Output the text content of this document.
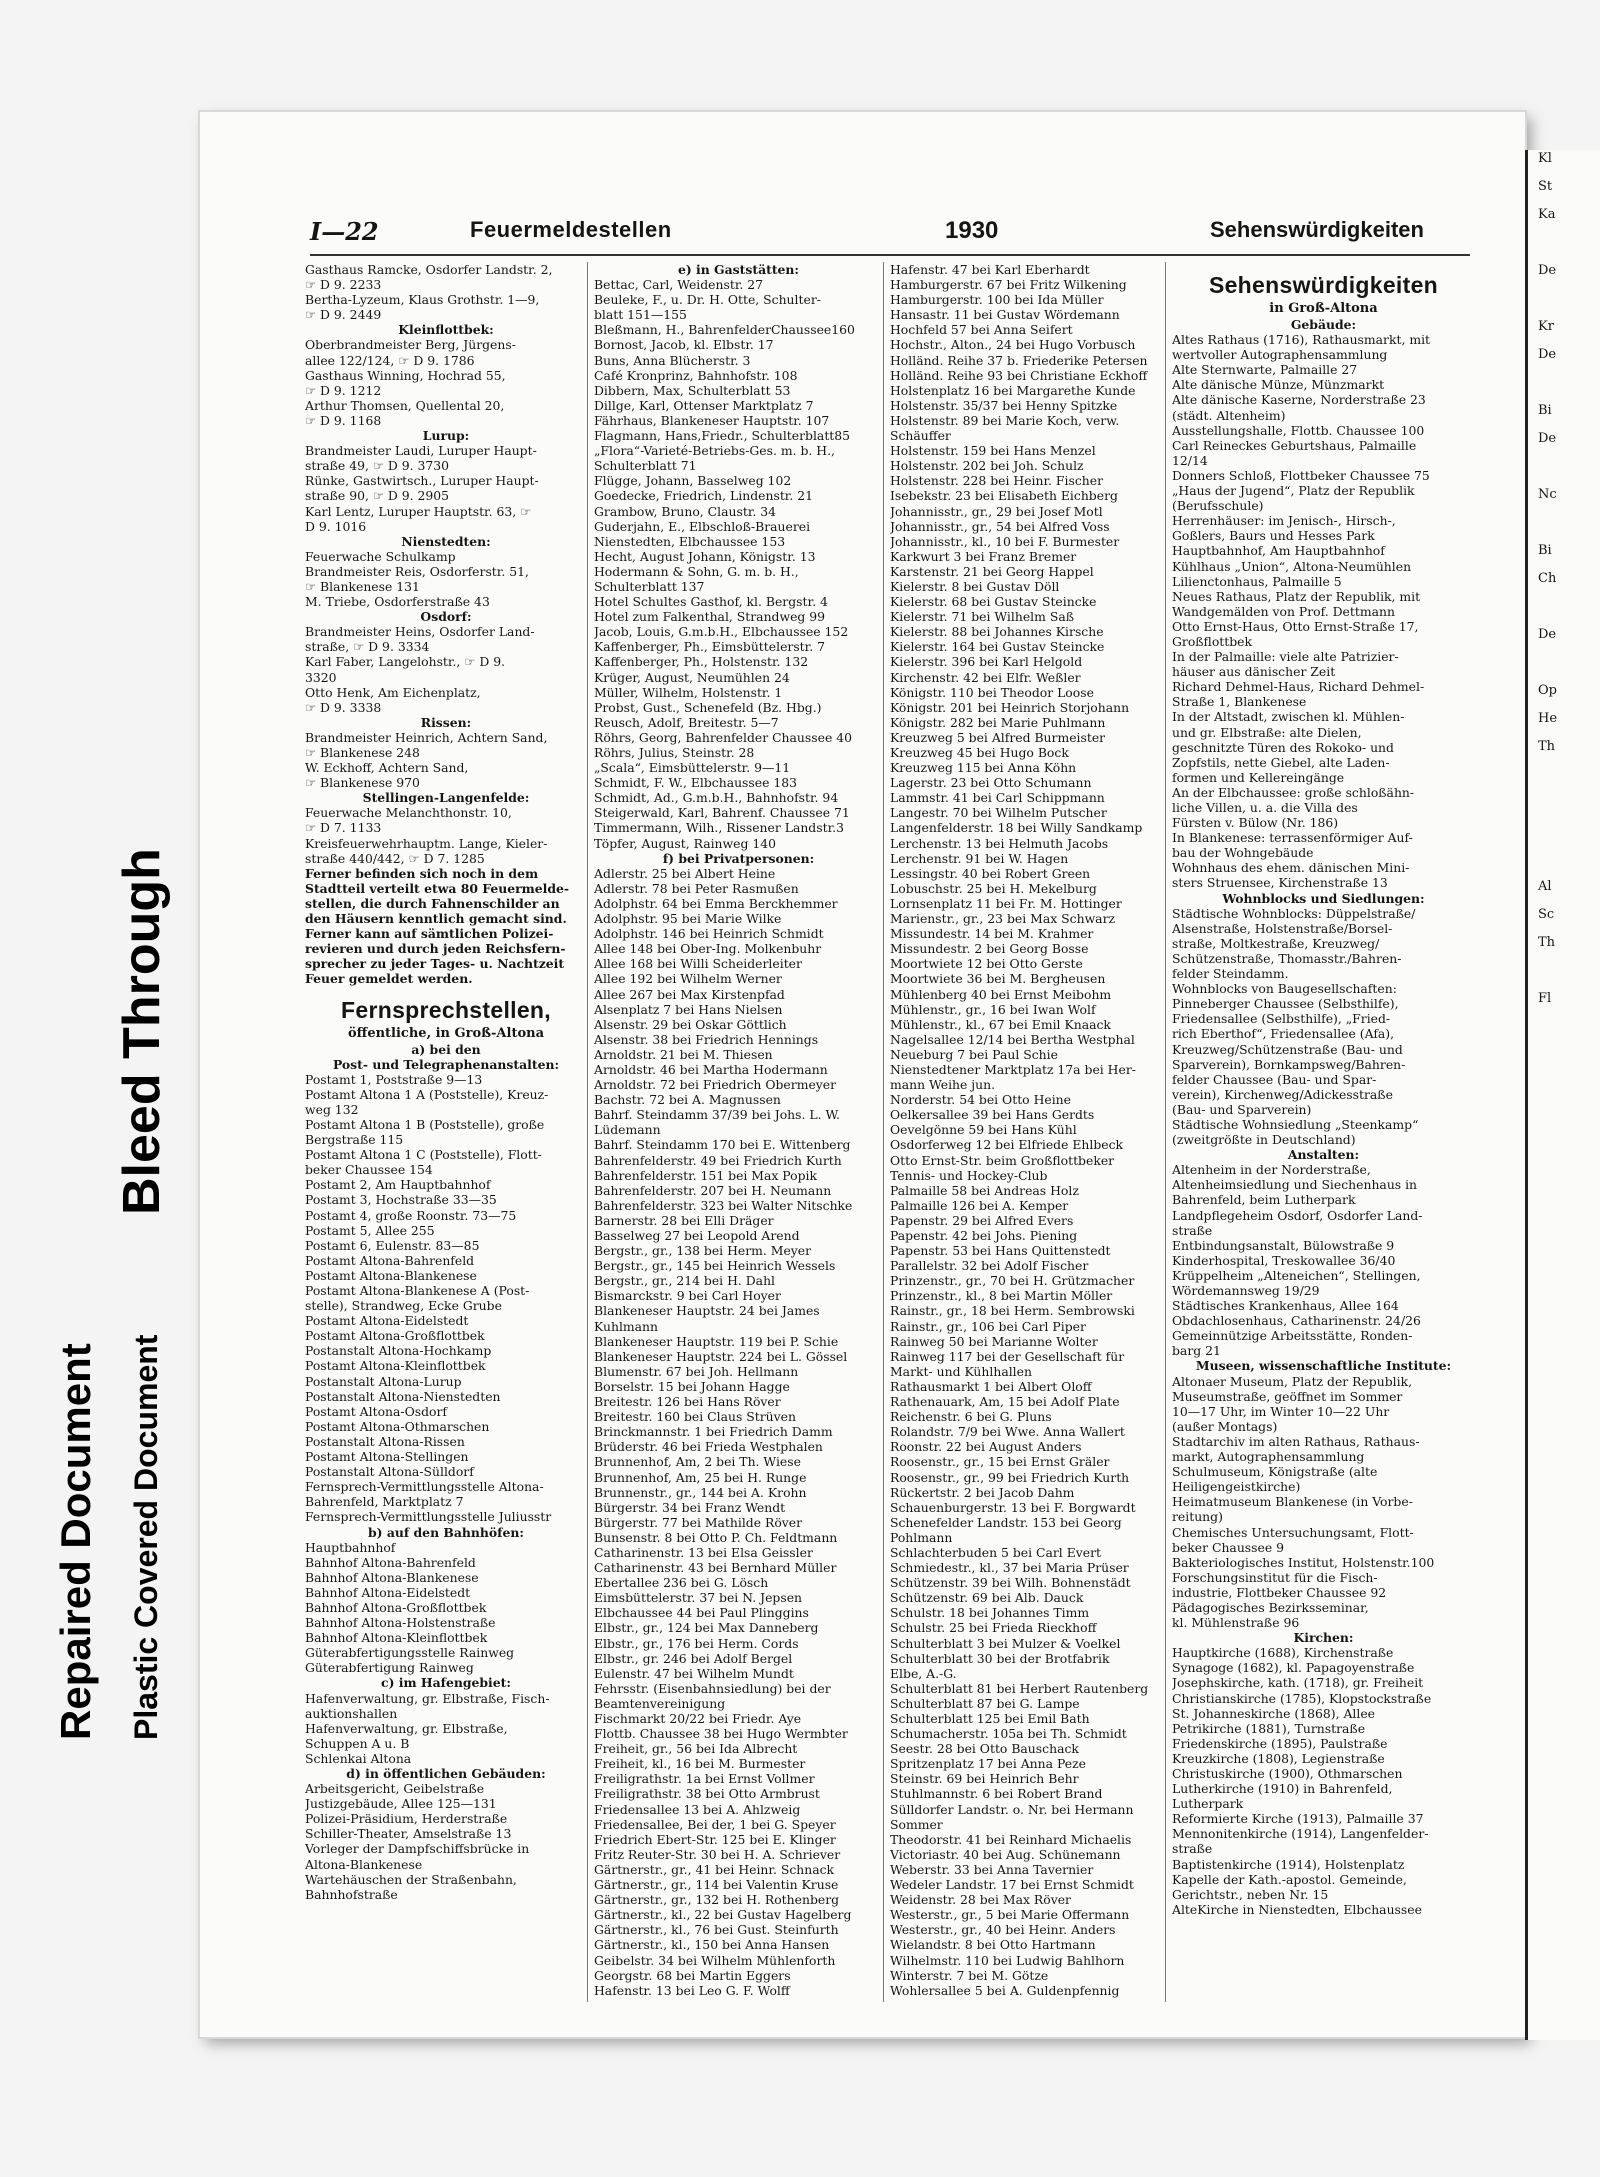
Repaired Document Plastic Covered Document
Bleed Through
I—22	Feuermeldestellen	1930	Sehenswürdigkeiten
Gasthaus Ramcke, Osdorfer Landstr. 2,
☞ D 9. 2233
Bertha-Lyzeum, Klaus Grothstr. 1—9,
☞ D 9. 2449
Kleinflottbek:
Oberbrandmeister Berg, Jürgens-
allee 122/124, ☞ D 9. 1786
Gasthaus Winning, Hochrad 55,
☞ D 9. 1212
Arthur Thomsen, Quellental 20,
☞ D 9. 1168
Lurup:
Brandmeister Laudi, Luruper Haupt-
straße 49, ☞ D 9. 3730
Rünke, Gastwirtsch., Luruper Haupt-
straße 90, ☞ D 9. 2905
Karl Lentz, Luruper Hauptstr. 63, ☞
D 9. 1016
Nienstedten:
Feuerwache Schulkamp
Brandmeister Reis, Osdorferstr. 51,
☞ Blankenese 131
M. Triebe, Osdorferstraße 43
Osdorf:
Brandmeister Heins, Osdorfer Land-
straße, ☞ D 9. 3334
Karl Faber, Langelohstr., ☞ D 9.
3320
Otto Henk, Am Eichenplatz,
☞ D 9. 3338
Rissen:
Brandmeister Heinrich, Achtern Sand,
☞ Blankenese 248
W. Eckhoff, Achtern Sand,
☞ Blankenese 970
Stellingen-Langenfelde:
Feuerwache Melanchthonstr. 10,
☞ D 7. 1133
Kreisfeuerwehrhauptm. Lange, Kieler-
straße 440/442, ☞ D 7. 1285
Ferner befinden sich noch in dem
Stadtteil verteilt etwa 80 Feuermelde-
stellen, die durch Fahnenschilder an
den Häusern kenntlich gemacht sind.
Ferner kann auf sämtlichen Polizei-
revieren und durch jeden Reichsfern-
sprecher zu jeder Tages- u. Nachtzeit
Feuer gemeldet werden.
Fernsprechstellen,
öffentliche, in Groß-Altona
a) bei den
Post- und Telegraphenanstalten:
Postamt 1, Poststraße 9—13
Postamt Altona 1 A (Poststelle), Kreuz-
weg 132
Postamt Altona 1 B (Poststelle), große
Bergstraße 115
Postamt Altona 1 C (Poststelle), Flott-
beker Chaussee 154
Postamt 2, Am Hauptbahnhof
Postamt 3, Hochstraße 33—35
Postamt 4, große Roonstr. 73—75
Postamt 5, Allee 255
Postamt 6, Eulenstr. 83—85
Postamt Altona-Bahrenfeld
Postamt Altona-Blankenese
Postamt Altona-Blankenese A (Post-
stelle), Strandweg, Ecke Grube
Postamt Altona-Eidelstedt
Postamt Altona-Großflottbek
Postanstalt Altona-Hochkamp
Postamt Altona-Kleinflottbek
Postanstalt Altona-Lurup
Postanstalt Altona-Nienstedten
Postamt Altona-Osdorf
Postamt Altona-Othmarschen
Postanstalt Altona-Rissen
Postamt Altona-Stellingen
Postanstalt Altona-Sülldorf
Fernsprech-Vermittlungsstelle Altona-
Bahrenfeld, Marktplatz 7
Fernsprech-Vermittlungsstelle Juliusstr
b) auf den Bahnhöfen:
Hauptbahnhof
Bahnhof Altona-Bahrenfeld
Bahnhof Altona-Blankenese
Bahnhof Altona-Eidelstedt
Bahnhof Altona-Großflottbek
Bahnhof Altona-Holstenstraße
Bahnhof Altona-Kleinflottbek
Güterabfertigungsstelle Rainweg
Güterabfertigung Rainweg
c) im Hafengebiet:
Hafenverwaltung, gr. Elbstraße, Fisch-
auktionshallen
Hafenverwaltung, gr. Elbstraße,
Schuppen A u. B
Schlenkai Altona
d) in öffentlichen Gebäuden:
Arbeitsgericht, Geibelstraße
Justizgebäude, Allee 125—131
Polizei-Präsidium, Herderstraße
Schiller-Theater, Amselstraße 13
Vorleger der Dampfschiffsbrücke in
Altona-Blankenese
Wartehäuschen der Straßenbahn,
Bahnhofstraße
e) in Gaststätten:
Bettac, Carl, Weidenstr. 27
Beuleke, F., u. Dr. H. Otte, Schulter-
blatt 151—155
Bleßmann, H., BahrenfelderChaussee160
Bornost, Jacob, kl. Elbstr. 17
Buns, Anna Blücherstr. 3
Café Kronprinz, Bahnhofstr. 108
Dibbern, Max, Schulterblatt 53
Dillge, Karl, Ottenser Marktplatz 7
Fährhaus, Blankeneser Hauptstr. 107
Flagmann, Hans,Friedr., Schulterblatt85
„Flora“-Varieté-Betriebs-Ges. m. b. H.,
Schulterblatt 71
Flügge, Johann, Basselweg 102
Goedecke, Friedrich, Lindenstr. 21
Grambow, Bruno, Claustr. 34
Guderjahn, E., Elbschloß-Brauerei
Nienstedten, Elbchaussee 153
Hecht, August Johann, Königstr. 13
Hodermann & Sohn, G. m. b. H.,
Schulterblatt 137
Hotel Schultes Gasthof, kl. Bergstr. 4
Hotel zum Falkenthal, Strandweg 99
Jacob, Louis, G.m.b.H., Elbchaussee 152
Kaffenberger, Ph., Eimsbüttelerstr. 7
Kaffenberger, Ph., Holstenstr. 132
Krüger, August, Neumühlen 24
Müller, Wilhelm, Holstenstr. 1
Probst, Gust., Schenefeld (Bz. Hbg.)
Reusch, Adolf, Breitestr. 5—7
Röhrs, Georg, Bahrenfelder Chaussee 40
Röhrs, Julius, Steinstr. 28
„Scala“, Eimsbüttelerstr. 9—11
Schmidt, F. W., Elbchaussee 183
Schmidt, Ad., G.m.b.H., Bahnhofstr. 94
Steigerwald, Karl, Bahrenf. Chaussee 71
Timmermann, Wilh., Rissener Landstr.3
Töpfer, August, Rainweg 140
f) bei Privatpersonen:
Adlerstr. 25 bei Albert Heine
Adlerstr. 78 bei Peter Rasmußen
Adolphstr. 64 bei Emma Berckhemmer
Adolphstr. 95 bei Marie Wilke
Adolphstr. 146 bei Heinrich Schmidt
Allee 148 bei Ober-Ing. Molkenbuhr
Allee 168 bei Willi Scheiderleiter
Allee 192 bei Wilhelm Werner
Allee 267 bei Max Kirstenpfad
Alsenplatz 7 bei Hans Nielsen
Alsenstr. 29 bei Oskar Göttlich
Alsenstr. 38 bei Friedrich Hennings
Arnoldstr. 21 bei M. Thiesen
Arnoldstr. 46 bei Martha Hodermann
Arnoldstr. 72 bei Friedrich Obermeyer
Bachstr. 72 bei A. Magnussen
Bahrf. Steindamm 37/39 bei Johs. L. W.
Lüdemann
Bahrf. Steindamm 170 bei E. Wittenberg
Bahrenfelderstr. 49 bei Friedrich Kurth
Bahrenfelderstr. 151 bei Max Popik
Bahrenfelderstr. 207 bei H. Neumann
Bahrenfelderstr. 323 bei Walter Nitschke
Barnerstr. 28 bei Elli Dräger
Basselweg 27 bei Leopold Arend
Bergstr., gr., 138 bei Herm. Meyer
Bergstr., gr., 145 bei Heinrich Wessels
Bergstr., gr., 214 bei H. Dahl
Bismarckstr. 9 bei Carl Hoyer
Blankeneser Hauptstr. 24 bei James
Kuhlmann
Blankeneser Hauptstr. 119 bei P. Schie
Blankeneser Hauptstr. 224 bei L. Gössel
Blumenstr. 67 bei Joh. Hellmann
Borselstr. 15 bei Johann Hagge
Breitestr. 126 bei Hans Röver
Breitestr. 160 bei Claus Strüven
Brinckmannstr. 1 bei Friedrich Damm
Brüderstr. 46 bei Frieda Westphalen
Brunnenhof, Am, 2 bei Th. Wiese
Brunnenhof, Am, 25 bei H. Runge
Brunnenstr., gr., 144 bei A. Krohn
Bürgerstr. 34 bei Franz Wendt
Bürgerstr. 77 bei Mathilde Röver
Bunsenstr. 8 bei Otto P. Ch. Feldtmann
Catharinenstr. 13 bei Elsa Geissler
Catharinenstr. 43 bei Bernhard Müller
Ebertallee 236 bei G. Lösch
Eimsbüttelerstr. 37 bei N. Jepsen
Elbchaussee 44 bei Paul Plinggins
Elbstr., gr., 124 bei Max Danneberg
Elbstr., gr., 176 bei Herm. Cords
Elbstr., gr. 246 bei Adolf Bergel
Eulenstr. 47 bei Wilhelm Mundt
Fehrsstr. (Eisenbahnsiedlung) bei der
Beamtenvereinigung
Fischmarkt 20/22 bei Friedr. Aye
Flottb. Chaussee 38 bei Hugo Wermbter
Freiheit, gr., 56 bei Ida Albrecht
Freiheit, kl., 16 bei M. Burmester
Freiligrathstr. 1a bei Ernst Vollmer
Freiligrathstr. 38 bei Otto Armbrust
Friedensallee 13 bei A. Ahlzweig
Friedensallee, Bei der, 1 bei G. Speyer
Friedrich Ebert-Str. 125 bei E. Klinger
Fritz Reuter-Str. 30 bei H. A. Schriever
Gärtnerstr., gr., 41 bei Heinr. Schnack
Gärtnerstr., gr., 114 bei Valentin Kruse
Gärtnerstr., gr., 132 bei H. Rothenberg
Gärtnerstr., kl., 22 bei Gustav Hagelberg
Gärtnerstr., kl., 76 bei Gust. Steinfurth
Gärtnerstr., kl., 150 bei Anna Hansen
Geibelstr. 34 bei Wilhelm Mühlenforth
Georgstr. 68 bei Martin Eggers
Hafenstr. 13 bei Leo G. F. Wolff
Hafenstr. 47 bei Karl Eberhardt
Hamburgerstr. 67 bei Fritz Wilkening
Hamburgerstr. 100 bei Ida Müller
Hansastr. 11 bei Gustav Wördemann
Hochfeld 57 bei Anna Seifert
Hochstr., Alton., 24 bei Hugo Vorbusch
Holländ. Reihe 37 b. Friederike Petersen
Holländ. Reihe 93 bei Christiane Eckhoff
Holstenplatz 16 bei Margarethe Kunde
Holstenstr. 35/37 bei Henny Spitzke
Holstenstr. 89 bei Marie Koch, verw.
Schäuffer
Holstenstr. 159 bei Hans Menzel
Holstenstr. 202 bei Joh. Schulz
Holstenstr. 228 bei Heinr. Fischer
Isebekstr. 23 bei Elisabeth Eichberg
Johannisstr., gr., 29 bei Josef Motl
Johannisstr., gr., 54 bei Alfred Voss
Johannisstr., kl., 10 bei F. Burmester
Karkwurt 3 bei Franz Bremer
Karstenstr. 21 bei Georg Happel
Kielerstr. 8 bei Gustav Döll
Kielerstr. 68 bei Gustav Steincke
Kielerstr. 71 bei Wilhelm Saß
Kielerstr. 88 bei Johannes Kirsche
Kielerstr. 164 bei Gustav Steincke
Kielerstr. 396 bei Karl Helgold
Kirchenstr. 42 bei Elfr. Weßler
Königstr. 110 bei Theodor Loose
Königstr. 201 bei Heinrich Storjohann
Königstr. 282 bei Marie Puhlmann
Kreuzweg 5 bei Alfred Burmeister
Kreuzweg 45 bei Hugo Bock
Kreuzweg 115 bei Anna Köhn
Lagerstr. 23 bei Otto Schumann
Lammstr. 41 bei Carl Schippmann
Langestr. 70 bei Wilhelm Putscher
Langenfelderstr. 18 bei Willy Sandkamp
Lerchenstr. 13 bei Helmuth Jacobs
Lerchenstr. 91 bei W. Hagen
Lessingstr. 40 bei Robert Green
Lobuschstr. 25 bei H. Mekelburg
Lornsenplatz 11 bei Fr. M. Hottinger
Marienstr., gr., 23 bei Max Schwarz
Missundestr. 14 bei M. Krahmer
Missundestr. 2 bei Georg Bosse
Moortwiete 12 bei Otto Gerste
Moortwiete 36 bei M. Bergheusen
Mühlenberg 40 bei Ernst Meibohm
Mühlenstr., gr., 16 bei Iwan Wolf
Mühlenstr., kl., 67 bei Emil Knaack
Nagelsallee 12/14 bei Bertha Westphal
Neueburg 7 bei Paul Schie
Nienstedtener Marktplatz 17a bei Her-
mann Weihe jun.
Norderstr. 54 bei Otto Heine
Oelkersallee 39 bei Hans Gerdts
Oevelgönne 59 bei Hans Kühl
Osdorferweg 12 bei Elfriede Ehlbeck
Otto Ernst-Str. beim Großflottbeker
Tennis- und Hockey-Club
Palmaille 58 bei Andreas Holz
Palmaille 126 bei A. Kemper
Papenstr. 29 bei Alfred Evers
Papenstr. 42 bei Johs. Piening
Papenstr. 53 bei Hans Quittenstedt
Parallelstr. 32 bei Adolf Fischer
Prinzenstr., gr., 70 bei H. Grützmacher
Prinzenstr., kl., 8 bei Martin Möller
Rainstr., gr., 18 bei Herm. Sembrowski
Rainstr., gr., 106 bei Carl Piper
Rainweg 50 bei Marianne Wolter
Rainweg 117 bei der Gesellschaft für
Markt- und Kühlhallen
Rathausmarkt 1 bei Albert Oloff
Rathenauark, Am, 15 bei Adolf Plate
Reichenstr. 6 bei G. Pluns
Rolandstr. 7/9 bei Wwe. Anna Wallert
Roonstr. 22 bei August Anders
Roosenstr., gr., 15 bei Ernst Gräler
Roosenstr., gr., 99 bei Friedrich Kurth
Rückertstr. 2 bei Jacob Dahm
Schauenburgerstr. 13 bei F. Borgwardt
Schenefelder Landstr. 153 bei Georg
Pohlmann
Schlachterbuden 5 bei Carl Evert
Schmiedestr., kl., 37 bei Maria Prüser
Schützenstr. 39 bei Wilh. Bohnenstädt
Schützenstr. 69 bei Alb. Dauck
Schulstr. 18 bei Johannes Timm
Schulstr. 25 bei Frieda Rieckhoff
Schulterblatt 3 bei Mulzer & Voelkel
Schulterblatt 30 bei der Brotfabrik
Elbe, A.-G.
Schulterblatt 81 bei Herbert Rautenberg
Schulterblatt 87 bei G. Lampe
Schulterblatt 125 bei Emil Bath
Schumacherstr. 105a bei Th. Schmidt
Seestr. 28 bei Otto Bauschack
Spritzenplatz 17 bei Anna Peze
Steinstr. 69 bei Heinrich Behr
Stuhlmannstr. 6 bei Robert Brand
Sülldorfer Landstr. o. Nr. bei Hermann
Sommer
Theodorstr. 41 bei Reinhard Michaelis
Victoriastr. 40 bei Aug. Schünemann
Weberstr. 33 bei Anna Tavernier
Wedeler Landstr. 17 bei Ernst Schmidt
Weidenstr. 28 bei Max Röver
Westerstr., gr., 5 bei Marie Offermann
Westerstr., gr., 40 bei Heinr. Anders
Wielandstr. 8 bei Otto Hartmann
Wilhelmstr. 110 bei Ludwig Bahlhorn
Winterstr. 7 bei M. Götze
Wohlersallee 5 bei A. Guldenpfennig
Sehenswürdigkeiten
in Groß-Altona
Gebäude:
Altes Rathaus (1716), Rathausmarkt, mit
wertvoller Autographensammlung
Alte Sternwarte, Palmaille 27
Alte dänische Münze, Münzmarkt
Alte dänische Kaserne, Norderstraße 23
(städt. Altenheim)
Ausstellungshalle, Flottb. Chaussee 100
Carl Reineckes Geburtshaus, Palmaille
12/14
Donners Schloß, Flottbeker Chaussee 75
„Haus der Jugend“, Platz der Republik
(Berufsschule)
Herrenhäuser: im Jenisch-, Hirsch-,
Goßlers, Baurs und Hesses Park
Hauptbahnhof, Am Hauptbahnhof
Kühlhaus „Union“, Altona-Neumühlen
Lilienctonhaus, Palmaille 5
Neues Rathaus, Platz der Republik, mit
Wandgemälden von Prof. Dettmann
Otto Ernst-Haus, Otto Ernst-Straße 17,
Großflottbek
In der Palmaille: viele alte Patrizier-
häuser aus dänischer Zeit
Richard Dehmel-Haus, Richard Dehmel-
Straße 1, Blankenese
In der Altstadt, zwischen kl. Mühlen-
und gr. Elbstraße: alte Dielen,
geschnitzte Türen des Rokoko- und
Zopfstils, nette Giebel, alte Laden-
formen und Kellereingänge
An der Elbchaussee: große schloßähn-
liche Villen, u. a. die Villa des
Fürsten v. Bülow (Nr. 186)
In Blankenese: terrassenförmiger Auf-
bau der Wohngebäude
Wohnhaus des ehem. dänischen Mini-
sters Struensee, Kirchenstraße 13
Wohnblocks und Siedlungen:
Städtische Wohnblocks: Düppelstraße/
Alsenstraße, Holstenstraße/Borsel-
straße, Moltkestraße, Kreuzweg/
Schützenstraße, Thomasstr./Bahren-
felder Steindamm.
Wohnblocks von Baugesellschaften:
Pinneberger Chaussee (Selbsthilfe),
Friedensallee (Selbsthilfe), „Fried-
rich Eberthof“, Friedensallee (Afa),
Kreuzweg/Schützenstraße (Bau- und
Sparverein), Bornkampsweg/Bahren-
felder Chaussee (Bau- und Spar-
verein), Kirchenweg/Adickesstraße
(Bau- und Sparverein)
Städtische Wohnsiedlung „Steenkamp“
(zweitgrößte in Deutschland)
Anstalten:
Altenheim in der Norderstraße,
Altenheimsiedlung und Siechenhaus in
Bahrenfeld, beim Lutherpark
Landpflegeheim Osdorf, Osdorfer Land-
straße
Entbindungsanstalt, Bülowstraße 9
Kinderhospital, Treskowallee 36/40
Krüppelheim „Alteneichen“, Stellingen,
Wördemannsweg 19/29
Städtisches Krankenhaus, Allee 164
Obdachlosenhaus, Catharinenstr. 24/26
Gemeinnützige Arbeitsstätte, Ronden-
barg 21
Museen, wissenschaftliche Institute:
Altonaer Museum, Platz der Republik,
Museumstraße, geöffnet im Sommer
10—17 Uhr, im Winter 10—22 Uhr
(außer Montags)
Stadtarchiv im alten Rathaus, Rathaus-
markt, Autographensammlung
Schulmuseum, Königstraße (alte
Heiligengeistkirche)
Heimatmuseum Blankenese (in Vorbe-
reitung)
Chemisches Untersuchungsamt, Flott-
beker Chaussee 9
Bakteriologisches Institut, Holstenstr.100
Forschungsinstitut für die Fisch-
industrie, Flottbeker Chaussee 92
Pädagogisches Bezirksseminar,
kl. Mühlenstraße 96
Kirchen:
Hauptkirche (1688), Kirchenstraße
Synagoge (1682), kl. Papagoyenstraße
Josephskirche, kath. (1718), gr. Freiheit
Christianskirche (1785), Klopstockstraße
St. Johanneskirche (1868), Allee
Petrikirche (1881), Turnstraße
Friedenskirche (1895), Paulstraße
Kreuzkirche (1808), Legienstraße
Christuskirche (1900), Othmarschen
Lutherkirche (1910) in Bahrenfeld,
Lutherpark
Reformierte Kirche (1913), Palmaille 37
Mennonitenkirche (1914), Langenfelder-
straße
Baptistenkirche (1914), Holstenplatz
Kapelle der Kath.-apostol. Gemeinde,
Gerichtstr., neben Nr. 15
AlteKirche in Nienstedten, Elbchaussee
Kl
St
Ka
De
Kr
De
Bi
De
Nc
Bi
Ch
De
Op
He
Th
Al
Sc
Th
Fl
